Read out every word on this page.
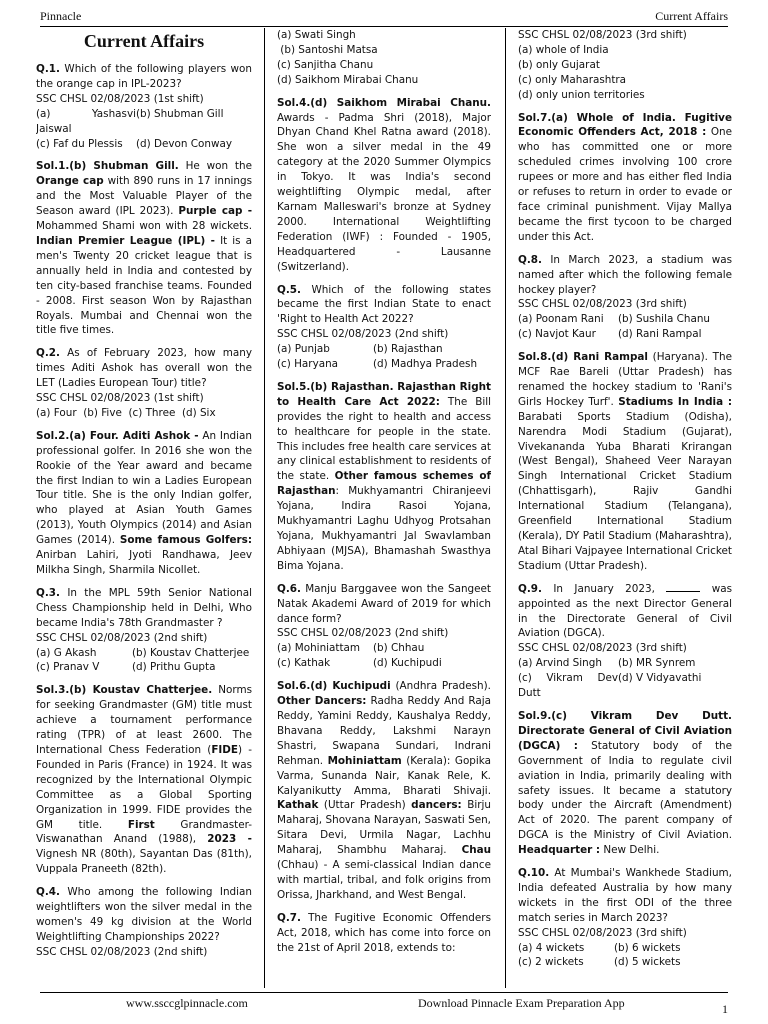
Pinnacle	Current Affairs
Current Affairs
Q.1. Which of the following players won the orange cap in IPL-2023?
SSC CHSL 02/08/2023 (1st shift)
(a) Yashasvi Jaiswal
(b) Shubman Gill
(c) Faf du Plessis	(d) Devon Conway
Sol.1.(b) Shubman Gill. He won the Orange cap with 890 runs in 17 innings and the Most Valuable Player of the Season award (IPL 2023). Purple cap - Mohammed Shami won with 28 wickets. Indian Premier League (IPL) - It is a men's Twenty 20 cricket league that is annually held in India and contested by ten city-based franchise teams. Founded - 2008. First season Won by Rajasthan Royals. Mumbai and Chennai won the title five times.
Q.2. As of February 2023, how many times Aditi Ashok has overall won the LET (Ladies European Tour) title?
SSC CHSL 02/08/2023 (1st shift)
(a) Four  (b) Five  (c) Three  (d) Six
Sol.2.(a) Four. Aditi Ashok - An Indian professional golfer. In 2016 she won the Rookie of the Year award and became the first Indian to win a Ladies European Tour title. She is the only Indian golfer, who played at Asian Youth Games (2013), Youth Olympics (2014) and Asian Games (2014). Some famous Golfers: Anirban Lahiri, Jyoti Randhawa, Jeev Milkha Singh, Sharmila Nicollet.
Q.3. In the MPL 59th Senior National Chess Championship held in Delhi, Who became India's 78th Grandmaster ?
SSC CHSL 02/08/2023 (2nd shift)
(a) G Akash	(b) Koustav Chatterjee
(c) Pranav V	(d) Prithu Gupta
Sol.3.(b) Koustav Chatterjee. Norms for seeking Grandmaster (GM) title must achieve a tournament performance rating (TPR) of at least 2600. The International Chess Federation (FIDE) - Founded in Paris (France) in 1924. It was recognized by the International Olympic Committee as a Global Sporting Organization in 1999. FIDE provides the GM title. First Grandmaster- Viswanathan Anand (1988), 2023 - Vignesh NR (80th), Sayantan Das (81th), Vuppala Praneeth (82th).
Q.4. Who among the following Indian weightlifters won the silver medal in the women's 49 kg division at the World Weightlifting Championships 2022?
SSC CHSL 02/08/2023 (2nd shift)
(a) Swati Singh
(b) Santoshi Matsa
(c) Sanjitha Chanu
(d) Saikhom Mirabai Chanu
Sol.4.(d) Saikhom Mirabai Chanu. Awards - Padma Shri (2018), Major Dhyan Chand Khel Ratna award (2018). She won a silver medal in the 49 category at the 2020 Summer Olympics in Tokyo. It was India's second weightlifting Olympic medal, after Karnam Malleswari's bronze at Sydney 2000. International Weightlifting Federation (IWF) : Founded - 1905, Headquartered - Lausanne (Switzerland).
Q.5. Which of the following states became the first Indian State to enact 'Right to Health Act 2022?
SSC CHSL 02/08/2023 (2nd shift)
(a) Punjab	(b) Rajasthan
(c) Haryana	(d) Madhya Pradesh
Sol.5.(b) Rajasthan. Rajasthan Right to Health Care Act 2022: The Bill provides the right to health and access to healthcare for people in the state. This includes free health care services at any clinical establishment to residents of the state. Other famous schemes of Rajasthan: Mukhyamantri Chiranjeevi Yojana, Indira Rasoi Yojana, Mukhyamantri Laghu Udhyog Protsahan Yojana, Mukhyamantri Jal Swavlamban Abhiyaan (MJSA), Bhamashah Swasthya Bima Yojana.
Q.6. Manju Barggavee won the Sangeet Natak Akademi Award of 2019 for which dance form?
SSC CHSL 02/08/2023 (2nd shift)
(a) Mohiniattam	(b) Chhau
(c) Kathak	(d) Kuchipudi
Sol.6.(d) Kuchipudi (Andhra Pradesh). Other Dancers: Radha Reddy And Raja Reddy, Yamini Reddy, Kaushalya Reddy, Bhavana Reddy, Lakshmi Narayn Shastri, Swapana Sundari, Indrani Rehman. Mohiniattam (Kerala): Gopika Varma, Sunanda Nair, Kanak Rele, K. Kalyanikutty Amma, Bharati Shivaji. Kathak (Uttar Pradesh) dancers: Birju Maharaj, Shovana Narayan, Saswati Sen, Sitara Devi, Urmila Nagar, Lachhu Maharaj, Shambhu Maharaj. Chau (Chhau) - A semi-classical Indian dance with martial, tribal, and folk origins from Orissa, Jharkhand, and West Bengal.
Q.7. The Fugitive Economic Offenders Act, 2018, which has come into force on the 21st of April 2018, extends to:
SSC CHSL 02/08/2023 (3rd shift)
(a) whole of India
(b) only Gujarat
(c) only Maharashtra
(d) only union territories
Sol.7.(a) Whole of India. Fugitive Economic Offenders Act, 2018 : One who has committed one or more scheduled crimes involving 100 crore rupees or more and has either fled India or refuses to return in order to evade or face criminal punishment. Vijay Mallya became the first tycoon to be charged under this Act.
Q.8. In March 2023, a stadium was named after which the following female hockey player?
SSC CHSL 02/08/2023 (3rd shift)
(a) Poonam Rani	(b) Sushila Chanu
(c) Navjot Kaur	(d) Rani Rampal
Sol.8.(d) Rani Rampal (Haryana). The MCF Rae Bareli (Uttar Pradesh) has renamed the hockey stadium to 'Rani's Girls Hockey Turf'. Stadiums In India : Barabati Sports Stadium (Odisha), Narendra Modi Stadium (Gujarat), Vivekananda Yuba Bharati Krirangan (West Bengal), Shaheed Veer Narayan Singh International Cricket Stadium (Chhattisgarh), Rajiv Gandhi International Stadium (Telangana), Greenfield International Stadium (Kerala), DY Patil Stadium (Maharashtra), Atal Bihari Vajpayee International Cricket Stadium (Uttar Pradesh).
Q.9. In January 2023,	was appointed as the next Director General in the Directorate General of Civil Aviation (DGCA).
SSC CHSL 02/08/2023 (3rd shift)
(a) Arvind Singh	(b) MR Synrem
(c) Vikram Dev Dutt
(d) V Vidyavathi
Sol.9.(c) Vikram Dev Dutt. Directorate General of Civil Aviation (DGCA) : Statutory body of the Government of India to regulate civil aviation in India, primarily dealing with safety issues. It became a statutory body under the Aircraft (Amendment) Act of 2020. The parent company of DGCA is the Ministry of Civil Aviation. Headquarter : New Delhi.
Q.10. At Mumbai's Wankhede Stadium, India defeated Australia by how many wickets in the first ODI of the three match series in March 2023?
SSC CHSL 02/08/2023 (3rd shift)
(a) 4 wickets	(b) 6 wickets
(c) 2 wickets	(d) 5 wickets
www.ssccglpinnacle.com	Download Pinnacle Exam Preparation App	1
